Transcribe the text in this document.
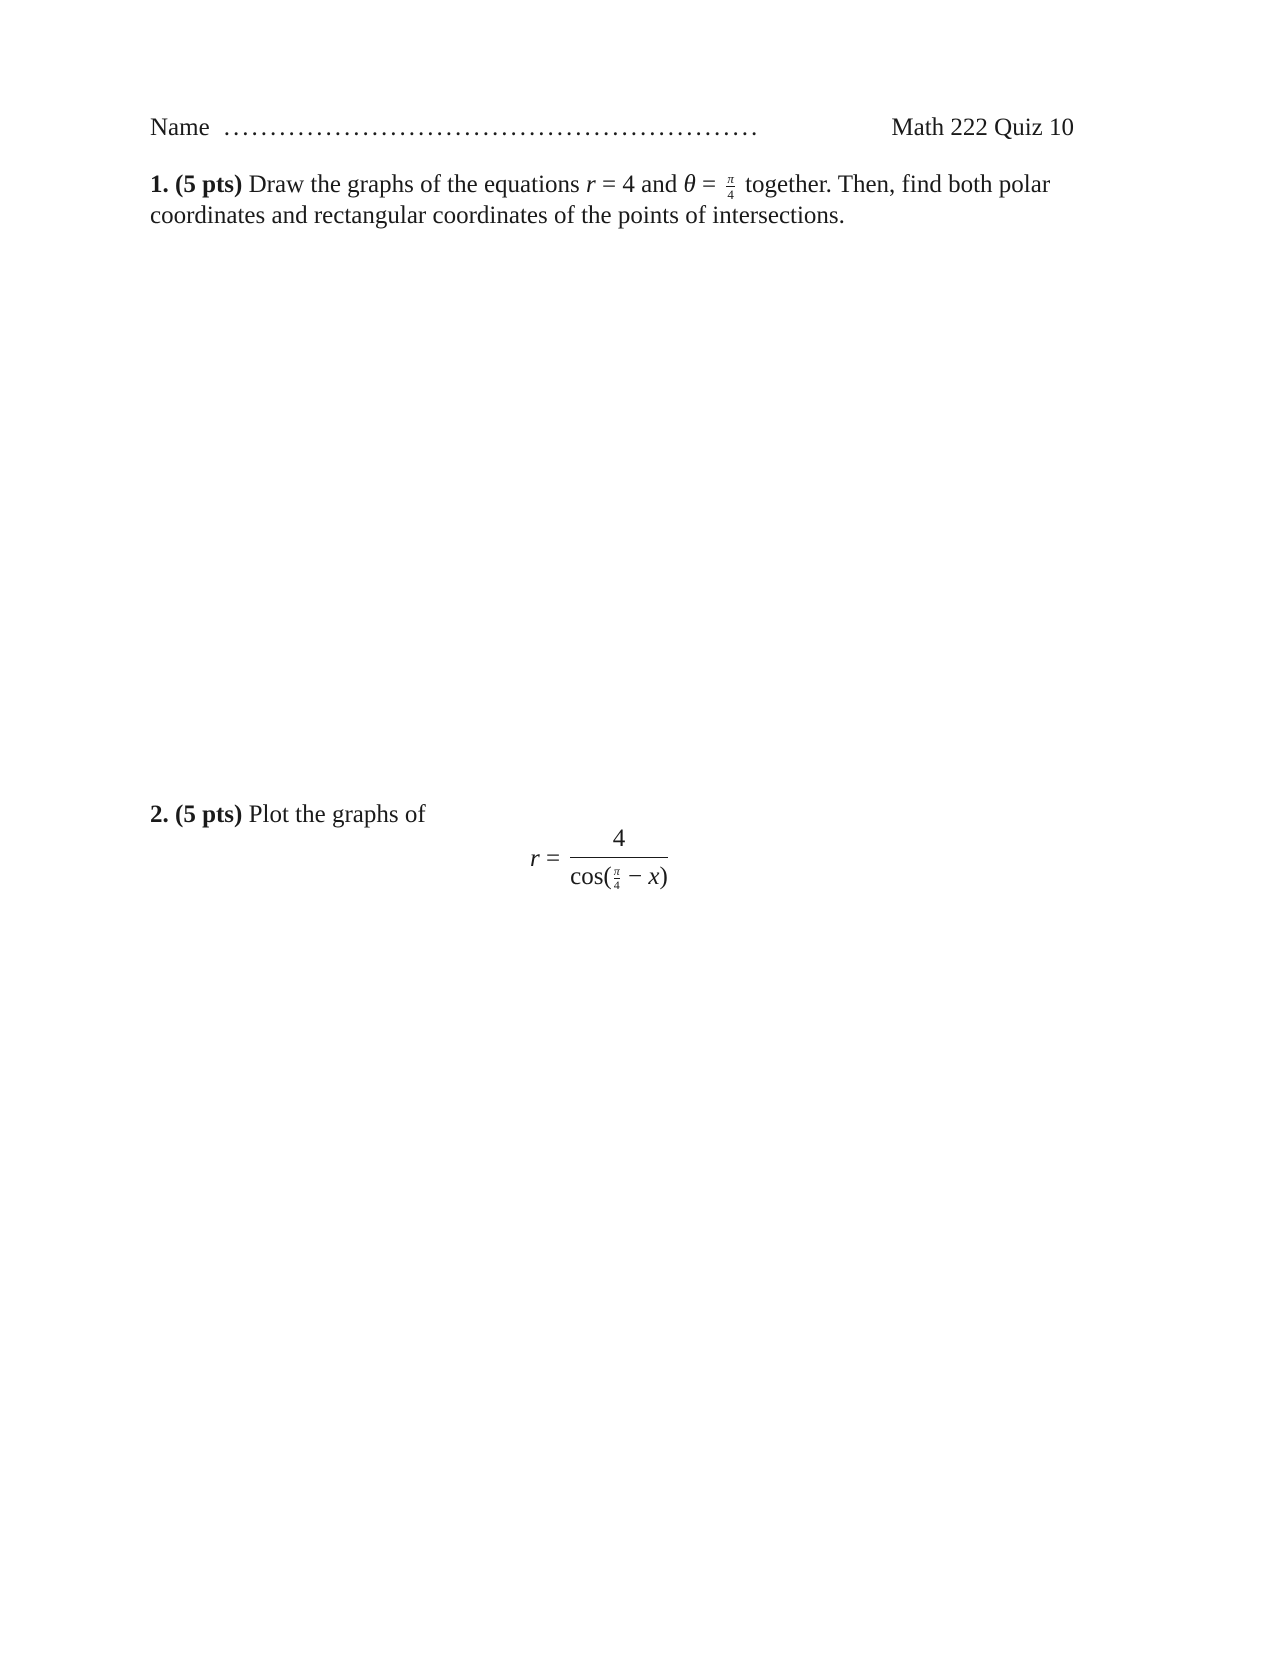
Name ..........................................................	Math 222 Quiz 10
1. (5 pts) Draw the graphs of the equations r = 4 and $\theta = \frac{\pi}{4}$ together. Then, find both polar coordinates and rectangular coordinates of the points of intersections.
2. (5 pts) Plot the graphs of
$r = \frac{4}{\cos( \frac{\pi}{4} - x)}$
